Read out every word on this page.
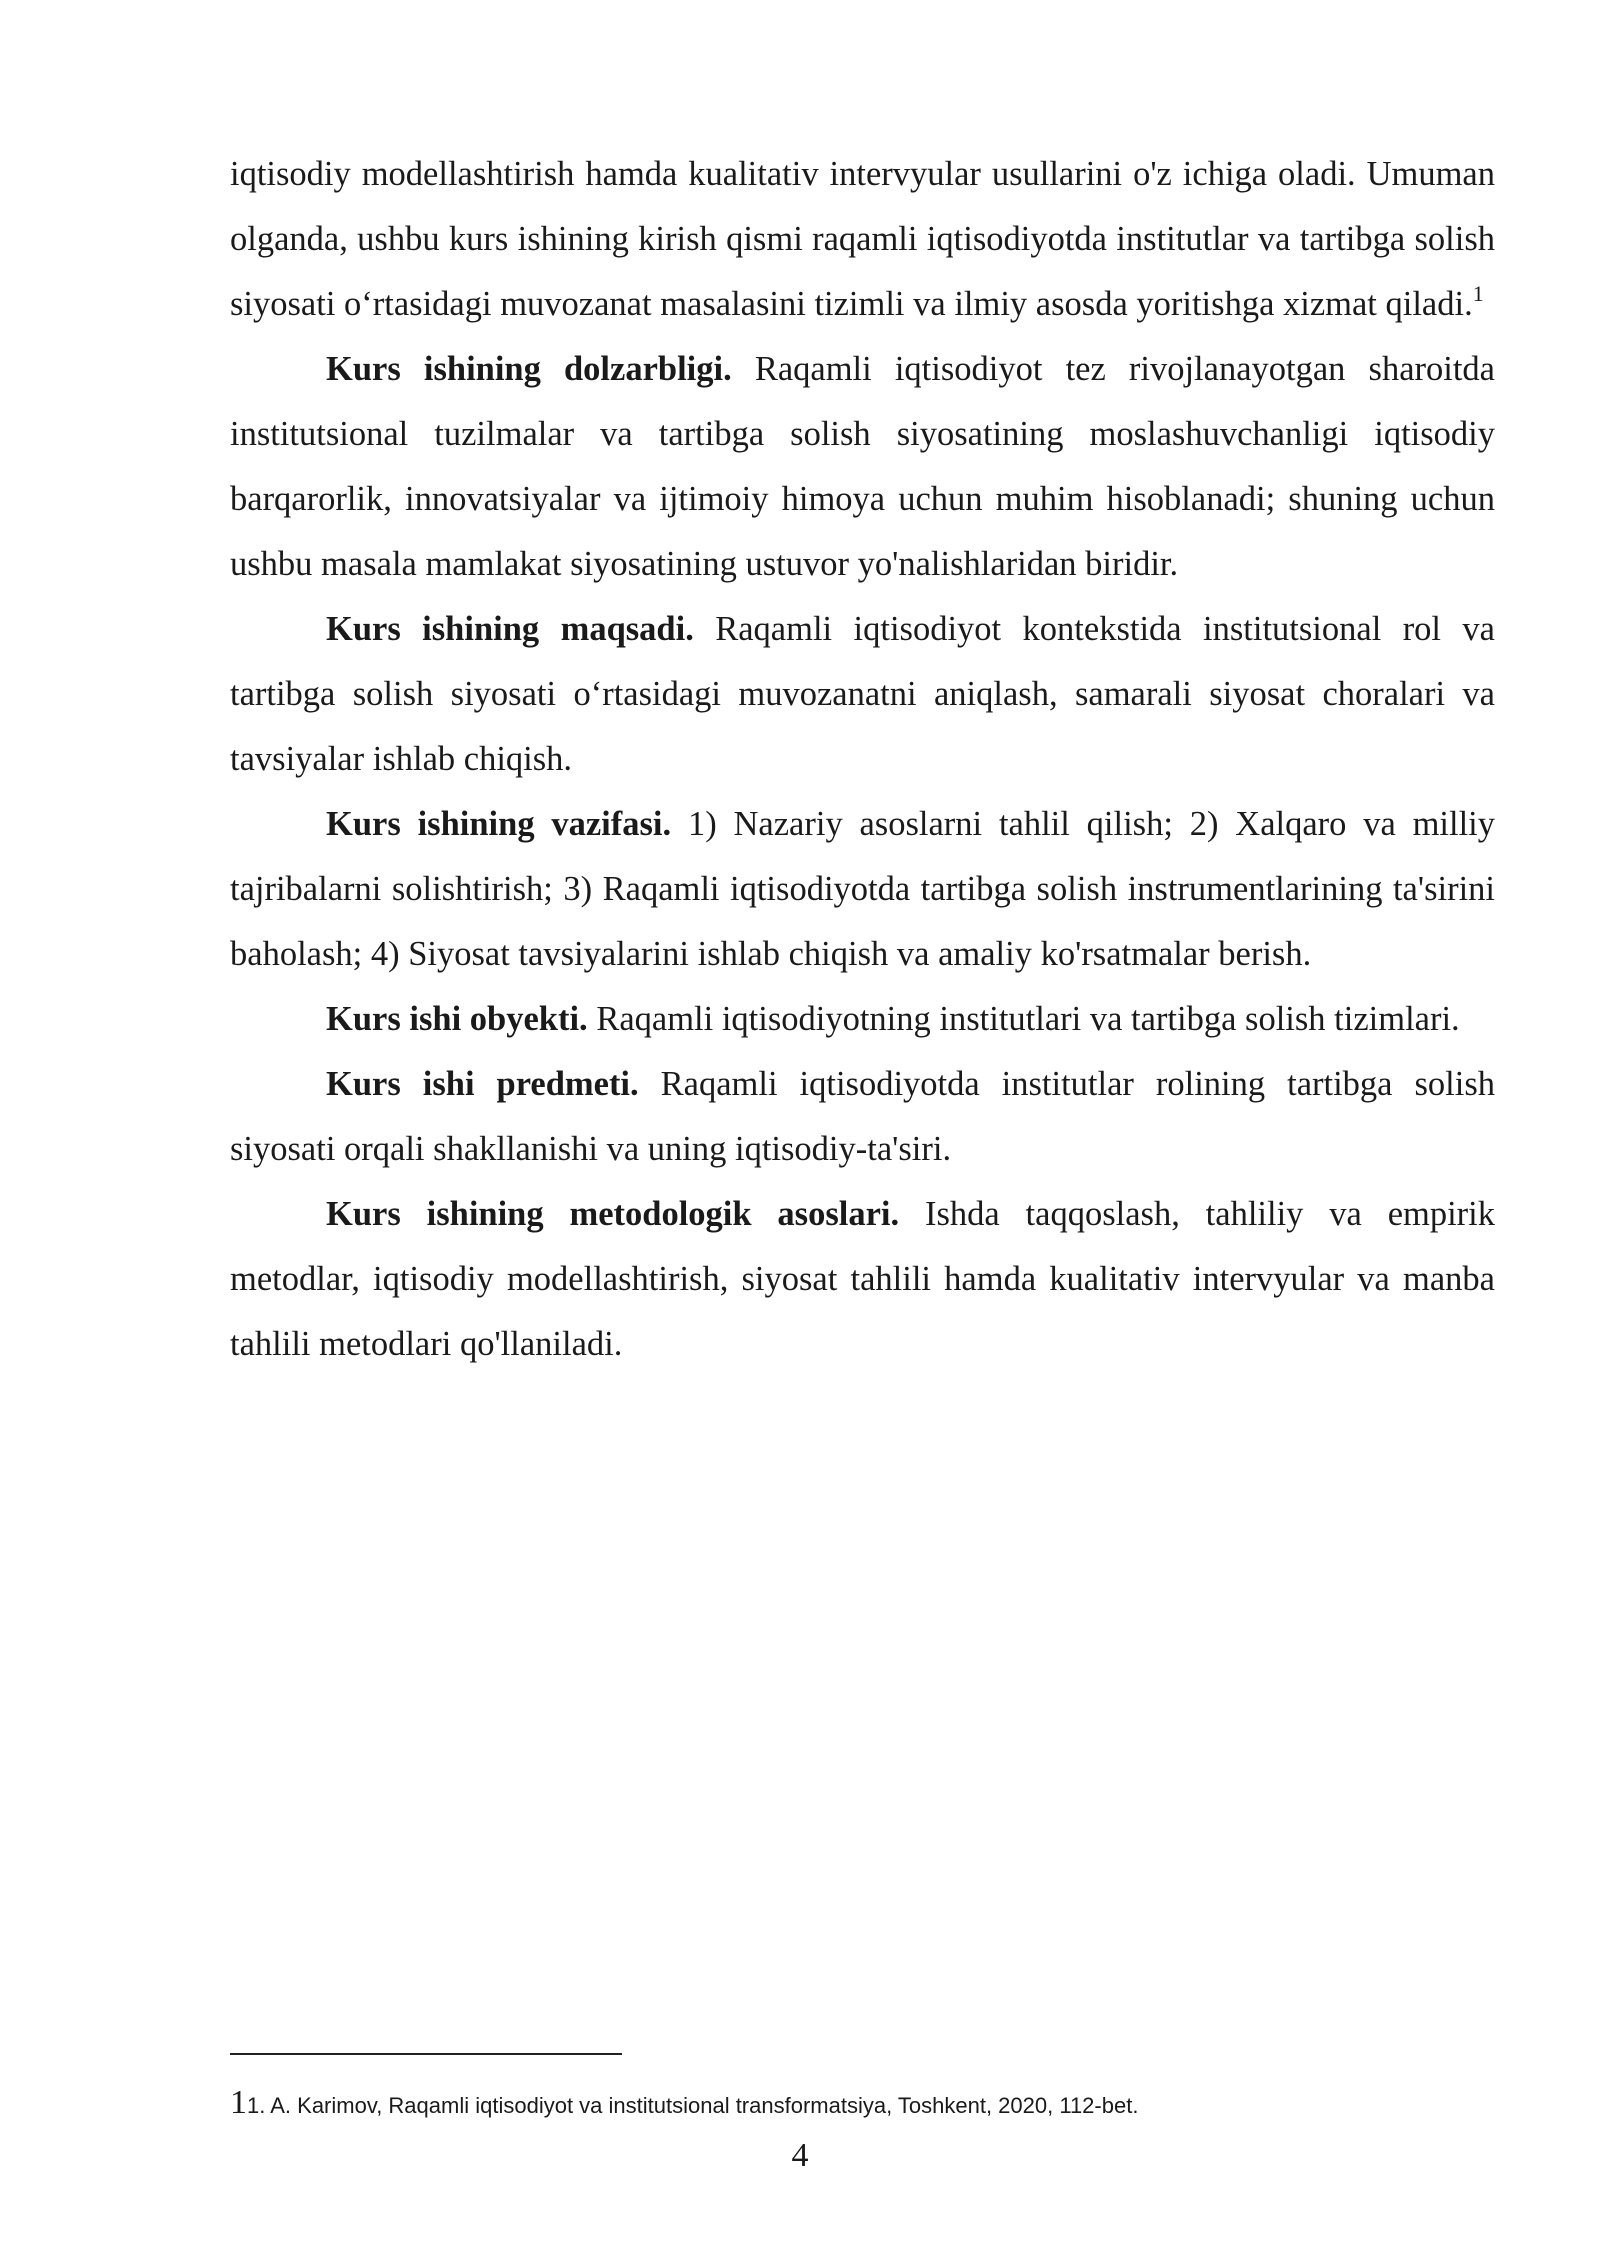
iqtisodiy modellashtirish hamda kualitativ intervyular usullarini o'z ichiga oladi. Umuman olganda, ushbu kurs ishining kirish qismi raqamli iqtisodiyotda institutlar va tartibga solish siyosati o‘rtasidagi muvozanat masalasini tizimli va ilmiy asosda yoritishga xizmat qiladi.$^1$

Kurs ishining dolzarbligi. Raqamli iqtisodiyot tez rivojlanayotgan sharoitda institutsional tuzilmalar va tartibga solish siyosatining moslashuvchanligi iqtisodiy barqarorlik, innovatsiyalar va ijtimoiy himoya uchun muhim hisoblanadi; shuning uchun ushbu masala mamlakat siyosatining ustuvor yo'nalishlaridan biridir.

Kurs ishining maqsadi. Raqamli iqtisodiyot kontekstida institutsional rol va tartibga solish siyosati o‘rtasidagi muvozanatni aniqlash, samarali siyosat choralari va tavsiyalar ishlab chiqish.

Kurs ishining vazifasi. 1) Nazariy asoslarni tahlil qilish; 2) Xalqaro va milliy tajribalarni solishtirish; 3) Raqamli iqtisodiyotda tartibga solish instrumentlarining ta'sirini baholash; 4) Siyosat tavsiyalarini ishlab chiqish va amaliy ko'rsatmalar berish.

Kurs ishi obyekti. Raqamli iqtisodiyotning institutlari va tartibga solish tizimlari.

Kurs ishi predmeti. Raqamli iqtisodiyotda institutlar rolining tartibga solish siyosati orqali shakllanishi va uning iqtisodiy-ta'siri.

Kurs ishining metodologik asoslari. Ishda taqqoslash, tahliliy va empirik metodlar, iqtisodiy modellashtirish, siyosat tahlili hamda kualitativ intervyular va manba tahlili metodlari qo'llaniladi.

11. A. Karimov, Raqamli iqtisodiyot va institutsional transformatsiya, Toshkent, 2020, 112-bet.
4
